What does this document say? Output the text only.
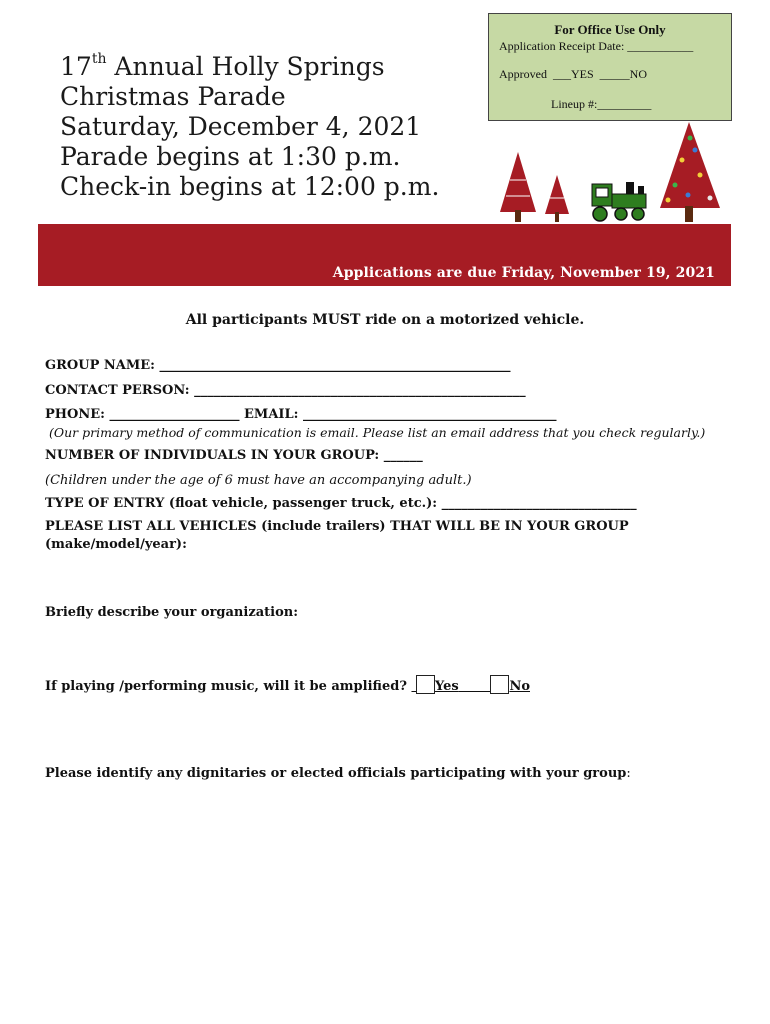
17th Annual Holly Springs
Christmas Parade
Saturday, December 4, 2021
Parade begins at 1:30 p.m.
Check-in begins at 12:00 p.m.
For Office Use Only
Application Receipt Date: ___________
Approved  ___YES  _____NO
Lineup #:_________
Applications are due Friday, November 19, 2021
All participants MUST ride on a motorized vehicle.
GROUP NAME: ______________________________________________________
CONTACT PERSON: ___________________________________________________
PHONE: ____________________ EMAIL: _______________________________________
(Our primary method of communication is email. Please list an email address that you check regularly.)
NUMBER OF INDIVIDUALS IN YOUR GROUP: ______
(Children under the age of 6 must have an accompanying adult.)
TYPE OF ENTRY (float vehicle, passenger truck, etc.): ______________________________
PLEASE LIST ALL VEHICLES (include trailers) THAT WILL BE IN YOUR GROUP
(make/model/year):
Briefly describe your organization:
If playing /performing music, will it be amplified? Yes	No
Please identify any dignitaries or elected officials participating with your group:
